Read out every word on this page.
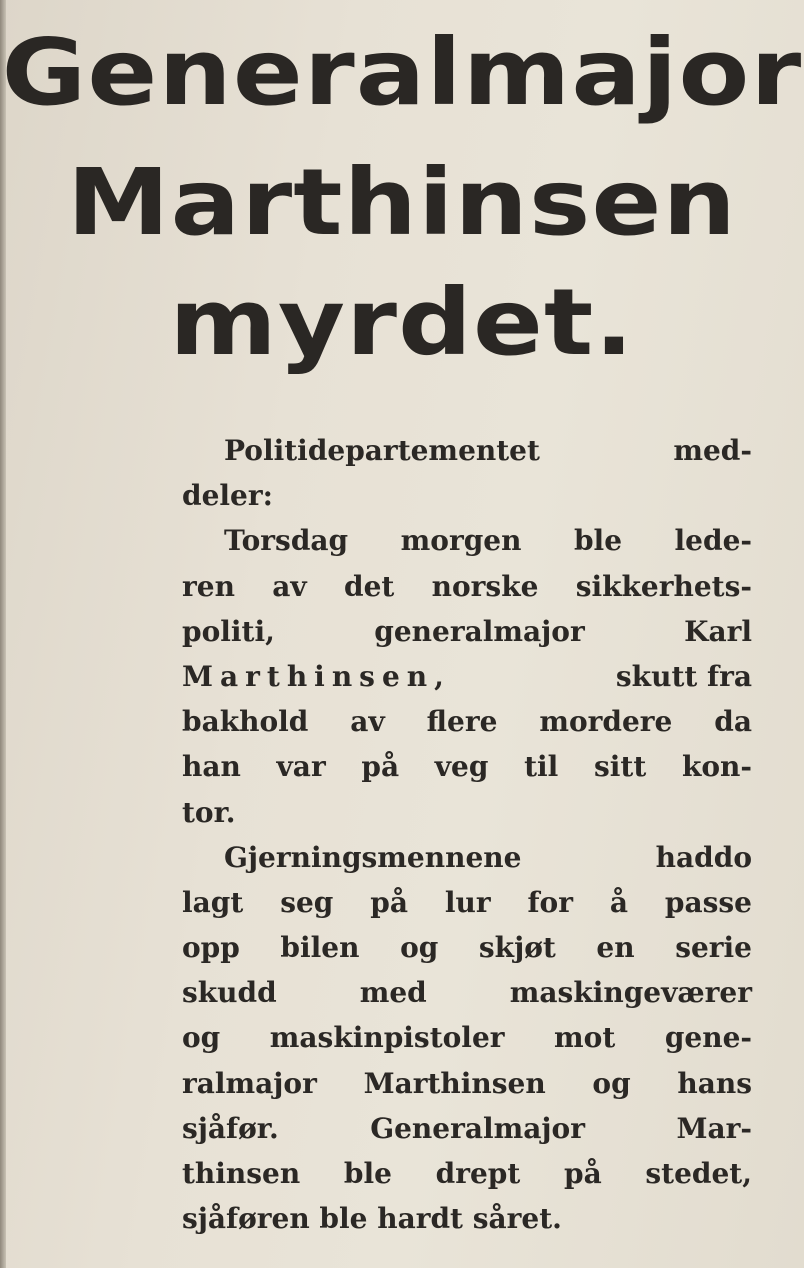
Generalmajor
Marthinsen
myrdet.
Politidepartementet med-
deler:
Torsdag morgen ble lede-
ren av det norske sikkerhets-
politi, generalmajor Karl
Marthinsen,	skutt fra
bakhold av flere mordere da
han var på veg til sitt kon-
tor.
Gjerningsmennene haddo
lagt seg på lur for å passe
opp bilen og skjøt en serie
skudd med maskingeværer
og maskinpistoler mot gene-
ralmajor Marthinsen og hans
sjåfør. Generalmajor Mar-
thinsen ble drept på stedet,
sjåføren ble hardt såret.
